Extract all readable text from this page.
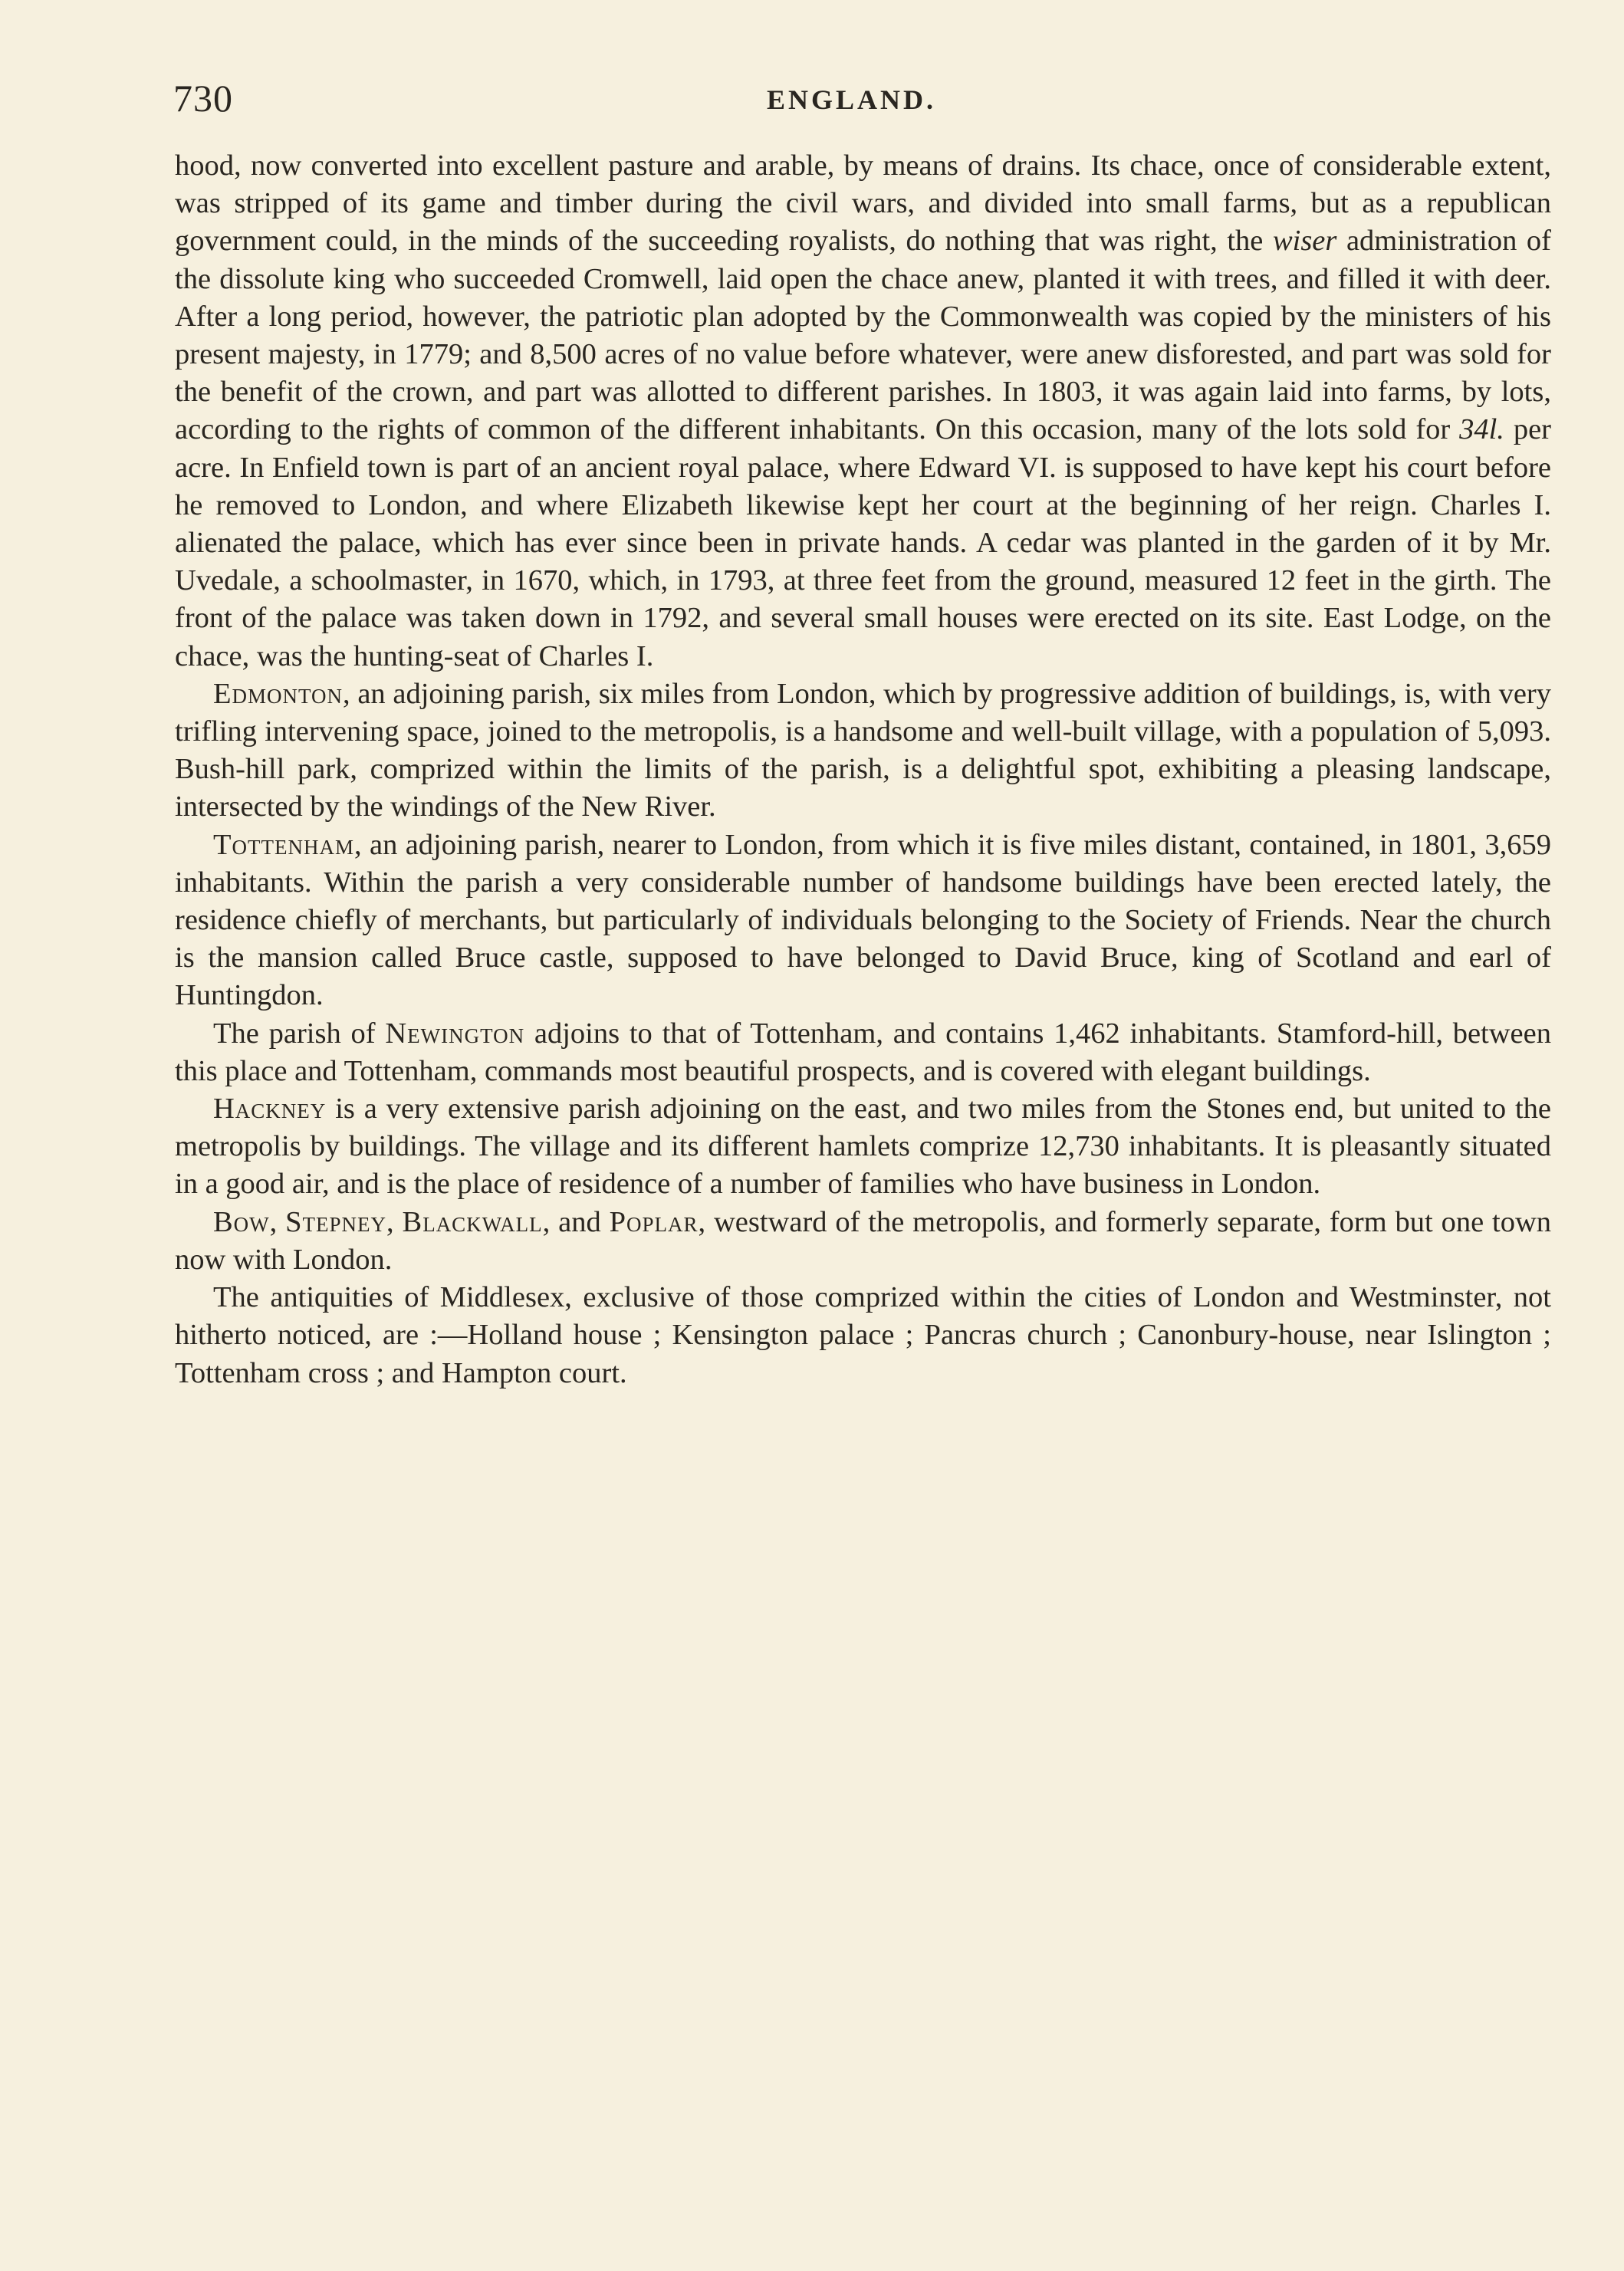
730	ENGLAND.

hood, now converted into excellent pasture and arable, by means of drains. Its chace, once of considerable extent, was stripped of its game and timber during the civil wars, and divided into small farms, but as a republican government could, in the minds of the succeeding royalists, do nothing that was right, the wiser administration of the dissolute king who succeeded Cromwell, laid open the chace anew, planted it with trees, and filled it with deer. After a long period, however, the patriotic plan adopted by the Commonwealth was copied by the ministers of his present majesty, in 1779; and 8,500 acres of no value before whatever, were anew disforested, and part was sold for the benefit of the crown, and part was allotted to different parishes. In 1803, it was again laid into farms, by lots, according to the rights of common of the different inhabitants. On this occasion, many of the lots sold for 34l. per acre. In Enfield town is part of an ancient royal palace, where Edward VI. is supposed to have kept his court before he removed to London, and where Elizabeth likewise kept her court at the beginning of her reign. Charles I. alienated the palace, which has ever since been in private hands. A cedar was planted in the garden of it by Mr. Uvedale, a schoolmaster, in 1670, which, in 1793, at three feet from the ground, measured 12 feet in the girth. The front of the palace was taken down in 1792, and several small houses were erected on its site. East Lodge, on the chace, was the hunting-seat of Charles I.

Edmonton, an adjoining parish, six miles from London, which by progressive addition of buildings, is, with very trifling intervening space, joined to the metropolis, is a handsome and well-built village, with a population of 5,093. Bush-hill park, comprized within the limits of the parish, is a delightful spot, exhibiting a pleasing landscape, intersected by the windings of the New River.

Tottenham, an adjoining parish, nearer to London, from which it is five miles distant, contained, in 1801, 3,659 inhabitants. Within the parish a very considerable number of handsome buildings have been erected lately, the residence chiefly of merchants, but particularly of individuals belonging to the Society of Friends. Near the church is the mansion called Bruce castle, supposed to have belonged to David Bruce, king of Scotland and earl of Huntingdon.

The parish of Newington adjoins to that of Tottenham, and contains 1,462 inhabitants. Stamford-hill, between this place and Tottenham, commands most beautiful prospects, and is covered with elegant buildings.

Hackney is a very extensive parish adjoining on the east, and two miles from the Stones end, but united to the metropolis by buildings. The village and its different hamlets comprize 12,730 inhabitants. It is pleasantly situated in a good air, and is the place of residence of a number of families who have business in London.

Bow, Stepney, Blackwall, and Poplar, westward of the metropolis, and formerly separate, form but one town now with London.

The antiquities of Middlesex, exclusive of those comprized within the cities of London and Westminster, not hitherto noticed, are :—Holland house ; Kensington palace ; Pancras church ; Canonbury-house, near Islington ; Tottenham cross ; and Hampton court.
